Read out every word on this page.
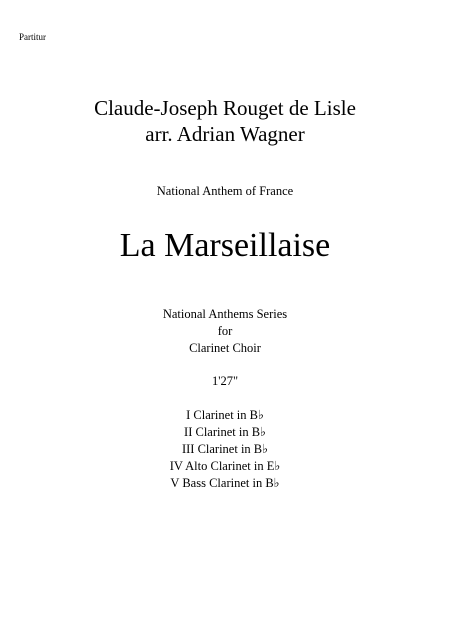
Partitur
Claude-Joseph Rouget de Lisle
arr. Adrian Wagner
National Anthem of France
La Marseillaise
National Anthems Series
for
Clarinet Choir
1'27"
I Clarinet in B♭
II Clarinet in B♭
III Clarinet in B♭
IV Alto Clarinet in E♭
V Bass Clarinet in B♭
